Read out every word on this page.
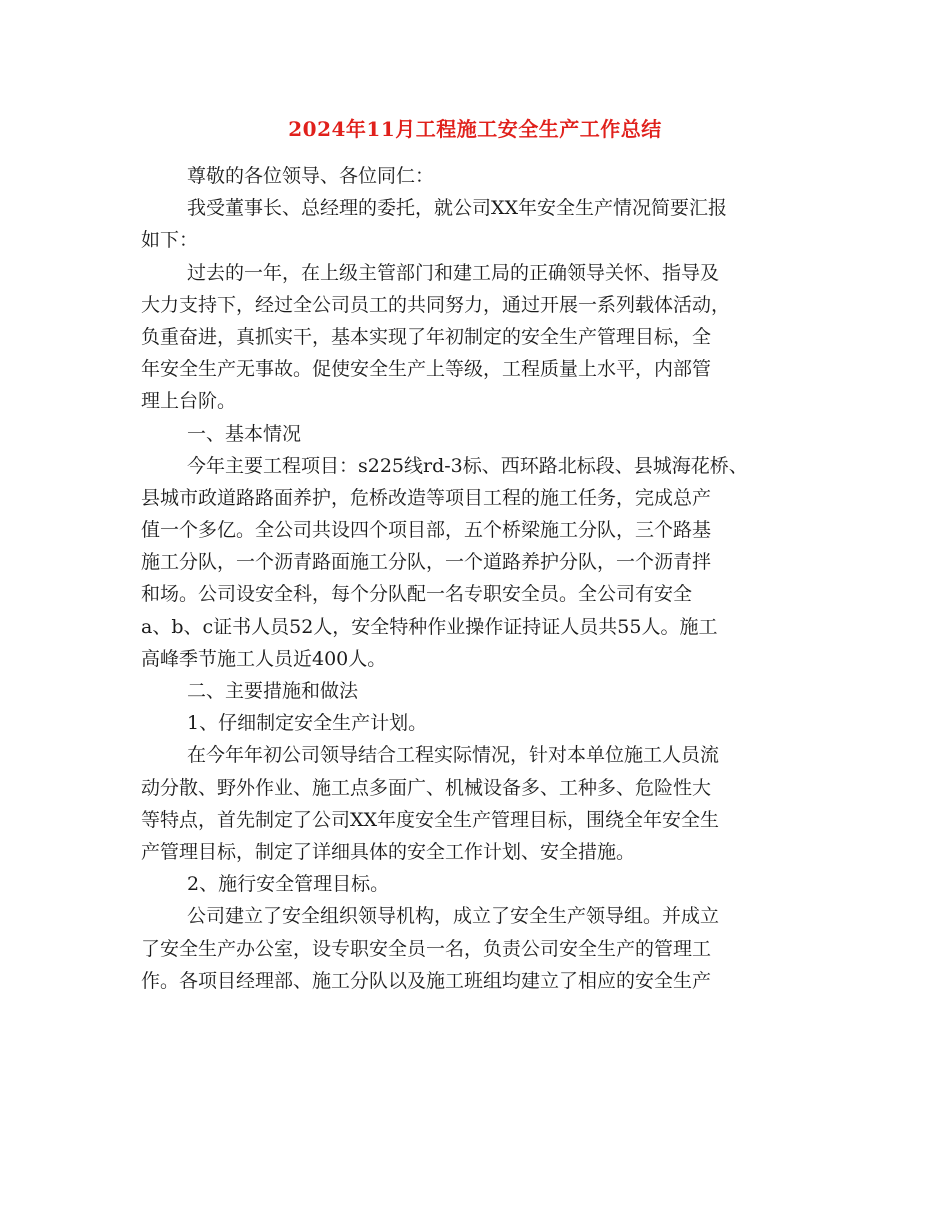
2024年11月工程施工安全生产工作总结
尊敬的各位领导、各位同仁：
我受董事长、总经理的委托，就公司XX年安全生产情况简要汇报
如下：
过去的一年，在上级主管部门和建工局的正确领导关怀、指导及
大力支持下，经过全公司员工的共同努力，通过开展一系列载体活动，
负重奋进，真抓实干，基本实现了年初制定的安全生产管理目标，全
年安全生产无事故。促使安全生产上等级，工程质量上水平，内部管
理上台阶。
一、基本情况
今年主要工程项目：s225线rd-3标、西环路北标段、县城海花桥、
县城市政道路路面养护，危桥改造等项目工程的施工任务，完成总产
值一个多亿。全公司共设四个项目部，五个桥梁施工分队，三个路基
施工分队，一个沥青路面施工分队，一个道路养护分队，一个沥青拌
和场。公司设安全科，每个分队配一名专职安全员。全公司有安全
a、b、c证书人员52人，安全特种作业操作证持证人员共55人。施工
高峰季节施工人员近400人。
二、主要措施和做法
1、仔细制定安全生产计划。
在今年年初公司领导结合工程实际情况，针对本单位施工人员流
动分散、野外作业、施工点多面广、机械设备多、工种多、危险性大
等特点，首先制定了公司XX年度安全生产管理目标，围绕全年安全生
产管理目标，制定了详细具体的安全工作计划、安全措施。
2、施行安全管理目标。
公司建立了安全组织领导机构，成立了安全生产领导组。并成立
了安全生产办公室，设专职安全员一名，负责公司安全生产的管理工
作。各项目经理部、施工分队以及施工班组均建立了相应的安全生产
